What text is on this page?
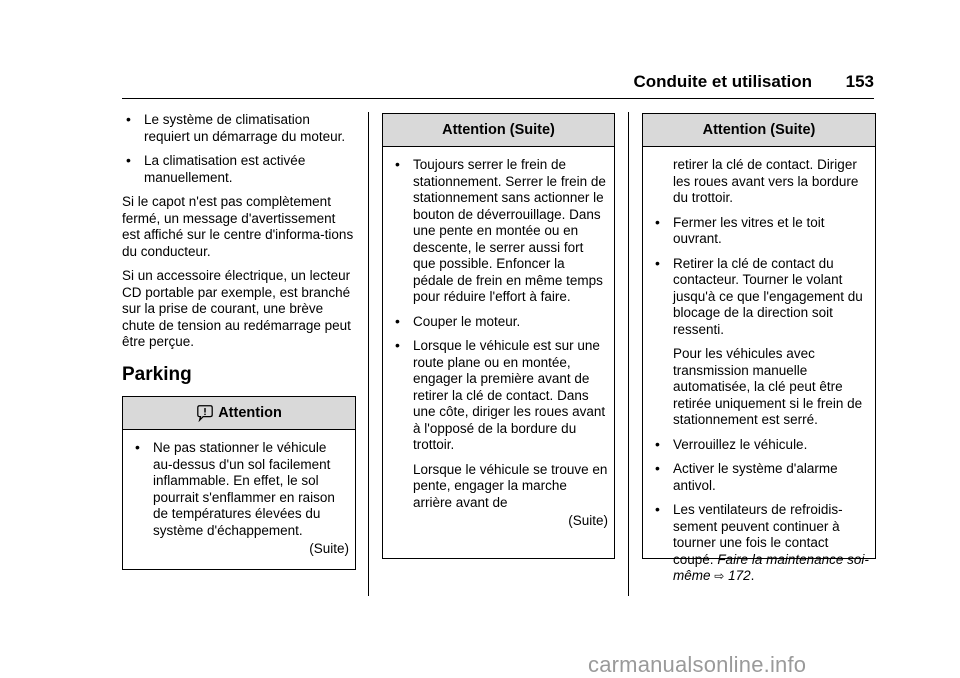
Conduite et utilisation 153
• Le système de climatisation requiert un démarrage du moteur.
• La climatisation est activée manuellement.

Si le capot n'est pas complètement fermé, un message d'avertissement est affiché sur le centre d'informa-tions du conducteur.

Si un accessoire électrique, un lecteur CD portable par exemple, est branché sur la prise de courant, une brève chute de tension au redémarrage peut être perçue.

Parking
Attention
• Ne pas stationner le véhicule au-dessus d'un sol facilement inflammable. En effet, le sol pourrait s'enflammer en raison de températures élevées du système d'échappement.
(Suite)
Attention (Suite)
• Toujours serrer le frein de stationnement. Serrer le frein de stationnement sans actionner le bouton de déverrouillage. Dans une pente en montée ou en descente, le serrer aussi fort que possible. Enfoncer la pédale de frein en même temps pour réduire l'effort à faire.
• Couper le moteur.
• Lorsque le véhicule est sur une route plane ou en montée, engager la première avant de retirer la clé de contact. Dans une côte, diriger les roues avant à l'opposé de la bordure du trottoir.
Lorsque le véhicule se trouve en pente, engager la marche arrière avant de
(Suite)
Attention (Suite)
retirer la clé de contact. Diriger les roues avant vers la bordure du trottoir.
• Fermer les vitres et le toit ouvrant.
• Retirer la clé de contact du contacteur. Tourner le volant jusqu'à ce que l'engagement du blocage de la direction soit ressenti.
Pour les véhicules avec transmission manuelle automatisée, la clé peut être retirée uniquement si le frein de stationnement est serré.
• Verrouillez le véhicule.
• Activer le système d'alarme antivol.
• Les ventilateurs de refroidis-sement peuvent continuer à tourner une fois le contact coupé. Faire la maintenance soi-même ⇨ 172.
carmanualsonline.info
